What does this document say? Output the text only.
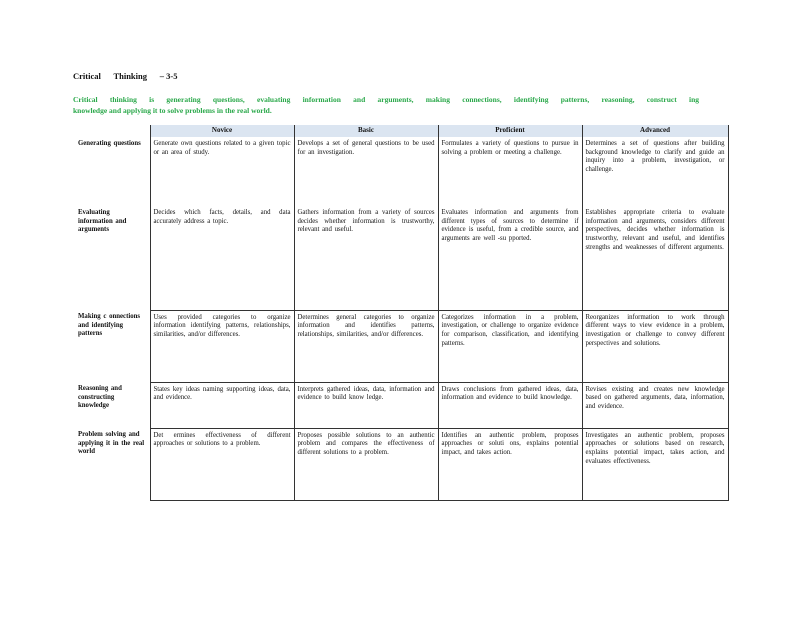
Critical      Thinking      – 3-5
Critical thinking is generating questions, evaluating information and arguments, making connections, identifying patterns, reasoning, construct ing
knowledge and applying it to solve problems in the real world.
	Novice	Basic	Proficient	Advanced
Generating questions	Generate own questions related to a given topic or an area of study.	Develops a set of general questions to be used for an investigation.	Formulates a variety of questions to pursue in solving a problem or meeting a challenge.	Determines a set of questions after building background knowledge to clarify and guide an inquiry into a problem, investigation, or challenge.
Evaluating information and arguments	Decides which facts, details, and data accurately address a topic.	Gathers information from a variety of sources decides whether information is trustworthy, relevant and useful.	Evaluates information and arguments from different types of sources to determine if evidence is useful, from a credible source, and arguments are well -su pported.	Establishes appropriate criteria to evaluate information and arguments, considers different perspectives, decides whether information is trustworthy, relevant and useful, and identifies strengths and weaknesses of different arguments.
Making c onnections and identifying patterns	Uses provided categories to organize information identifying patterns, relationships, similarities, and/or differences.	Determines general categories to organize information and identifies patterns, relationships, similarities, and/or differences.	Categorizes information in a problem, investigation, or challenge to organize evidence for comparison, classification, and identifying patterns.	Reorganizes information to work through different ways to view evidence in a problem, investigation or challenge to convey different perspectives and solutions.
Reasoning and constructing knowledge	States key ideas naming supporting ideas, data, and evidence.	Interprets gathered ideas, data, information and evidence to build know ledge.	Draws conclusions from gathered ideas, data, information and evidence to build knowledge.	Revises existing and creates new knowledge based on gathered arguments, data, information, and evidence.
Problem solving and applying it in the real world	Det ermines effectiveness of different approaches or solutions to a problem.	Proposes possible solutions to an authentic problem and compares the effectiveness of different solutions to a problem.	Identifies an authentic problem, proposes approaches or soluti ons, explains potential impact, and takes action.	Investigates an authentic problem, proposes approaches or solutions based on research, explains potential impact, takes action, and evaluates effectiveness.
